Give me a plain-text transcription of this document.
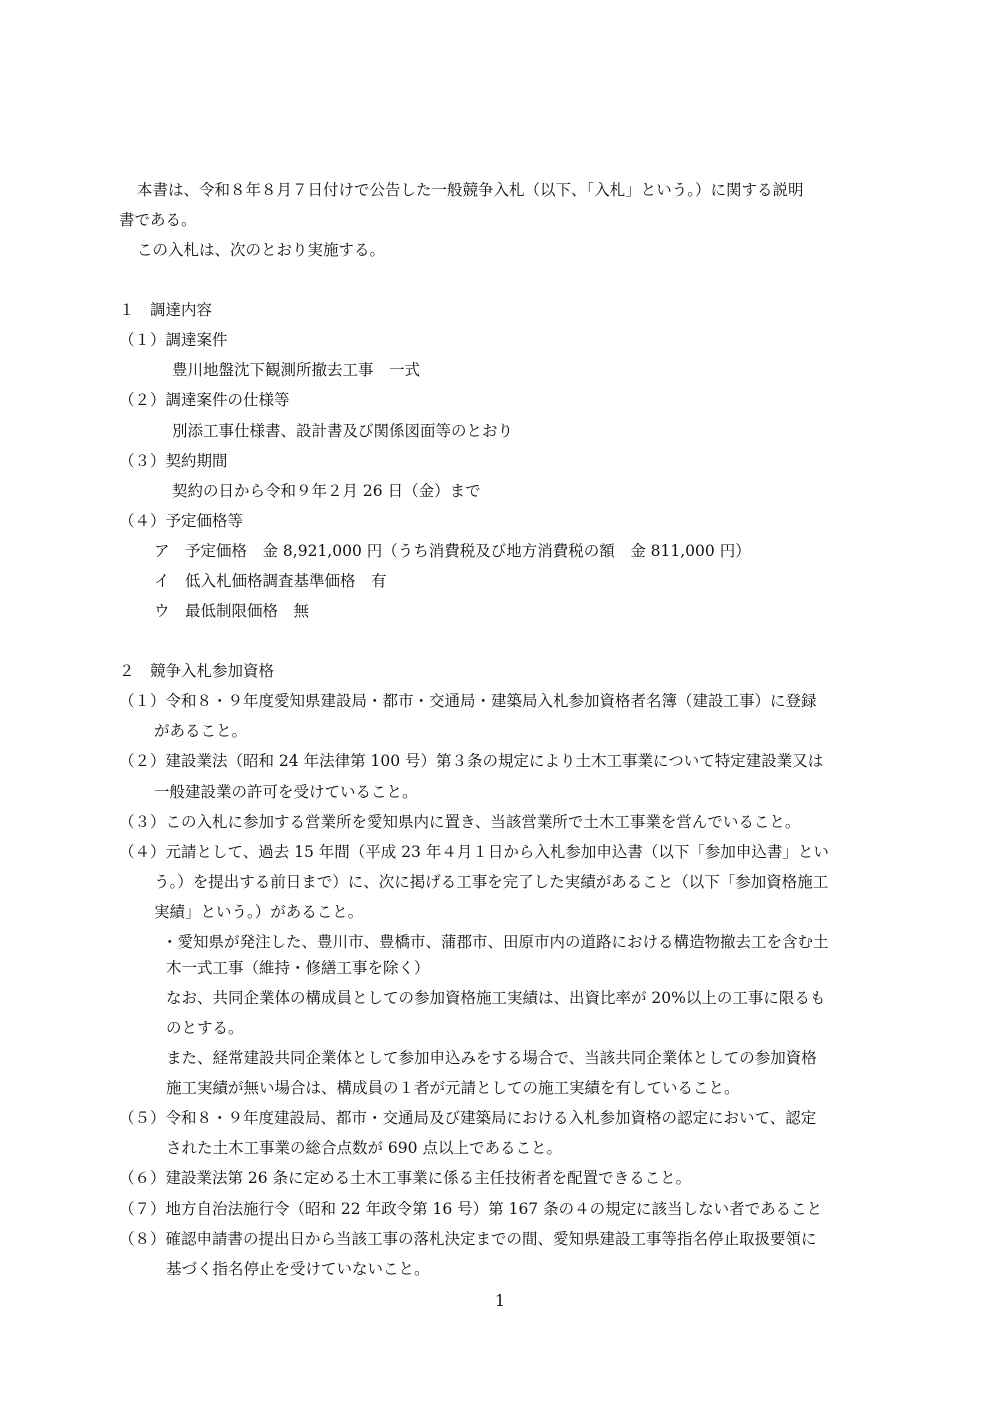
本書は、令和８年８月７日付けで公告した一般競争入札（以下、「入札」という。）に関する説明
書である。
この入札は、次のとおり実施する。
１　調達内容
（１）調達案件
豊川地盤沈下観測所撤去工事　一式
（２）調達案件の仕様等
別添工事仕様書、設計書及び関係図面等のとおり
（３）契約期間
契約の日から令和９年２月 26 日（金）まで
（４）予定価格等
ア　予定価格　金 8,921,000 円（うち消費税及び地方消費税の額　金 811,000 円）
イ　低入札価格調査基準価格　有
ウ　最低制限価格　無
２　競争入札参加資格
（１）令和８・９年度愛知県建設局・都市・交通局・建築局入札参加資格者名簿（建設工事）に登録
があること。
（２）建設業法（昭和 24 年法律第 100 号）第３条の規定により土木工事業について特定建設業又は
一般建設業の許可を受けていること。
（３）この入札に参加する営業所を愛知県内に置き、当該営業所で土木工事業を営んでいること。
（４）元請として、過去 15 年間（平成 23 年４月１日から入札参加申込書（以下「参加申込書」とい
う。）を提出する前日まで）に、次に掲げる工事を完了した実績があること（以下「参加資格施工
実績」という。）があること。
・愛知県が発注した、豊川市、豊橋市、蒲郡市、田原市内の道路における構造物撤去工を含む土
木一式工事（維持・修繕工事を除く）
なお、共同企業体の構成員としての参加資格施工実績は、出資比率が 20%以上の工事に限るも
のとする。
また、経常建設共同企業体として参加申込みをする場合で、当該共同企業体としての参加資格
施工実績が無い場合は、構成員の１者が元請としての施工実績を有していること。
（５）令和８・９年度建設局、都市・交通局及び建築局における入札参加資格の認定において、認定
された土木工事業の総合点数が 690 点以上であること。
（６）建設業法第 26 条に定める土木工事業に係る主任技術者を配置できること。
（７）地方自治法施行令（昭和 22 年政令第 16 号）第 167 条の４の規定に該当しない者であること
（８）確認申請書の提出日から当該工事の落札決定までの間、愛知県建設工事等指名停止取扱要領に
基づく指名停止を受けていないこと。
1
